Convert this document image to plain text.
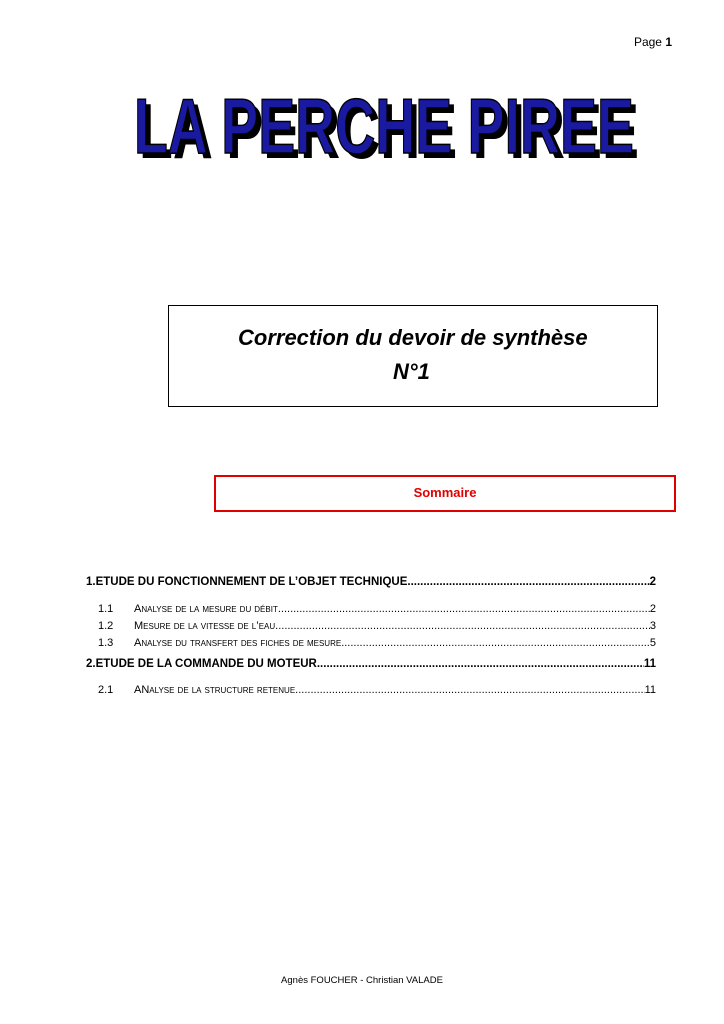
Page 1
LA PERCHE PIREE
LA PERCHE PIREE
Correction du devoir de synthèse
N°1
Sommaire
1. ETUDE DU FONCTIONNEMENT DE L’OBJET TECHNIQUE .....	2
1.1	Analyse de la mesure du débit .....	2
1.2	Mesure de la vitesse de l’eau .....	3
1.3	Analyse du transfert des fiches de mesure .....	5
2. ETUDE DE LA COMMANDE DU MOTEUR .....	11
2.1	ANalyse de la structure retenue .....	11
Agnès FOUCHER - Christian VALADE
